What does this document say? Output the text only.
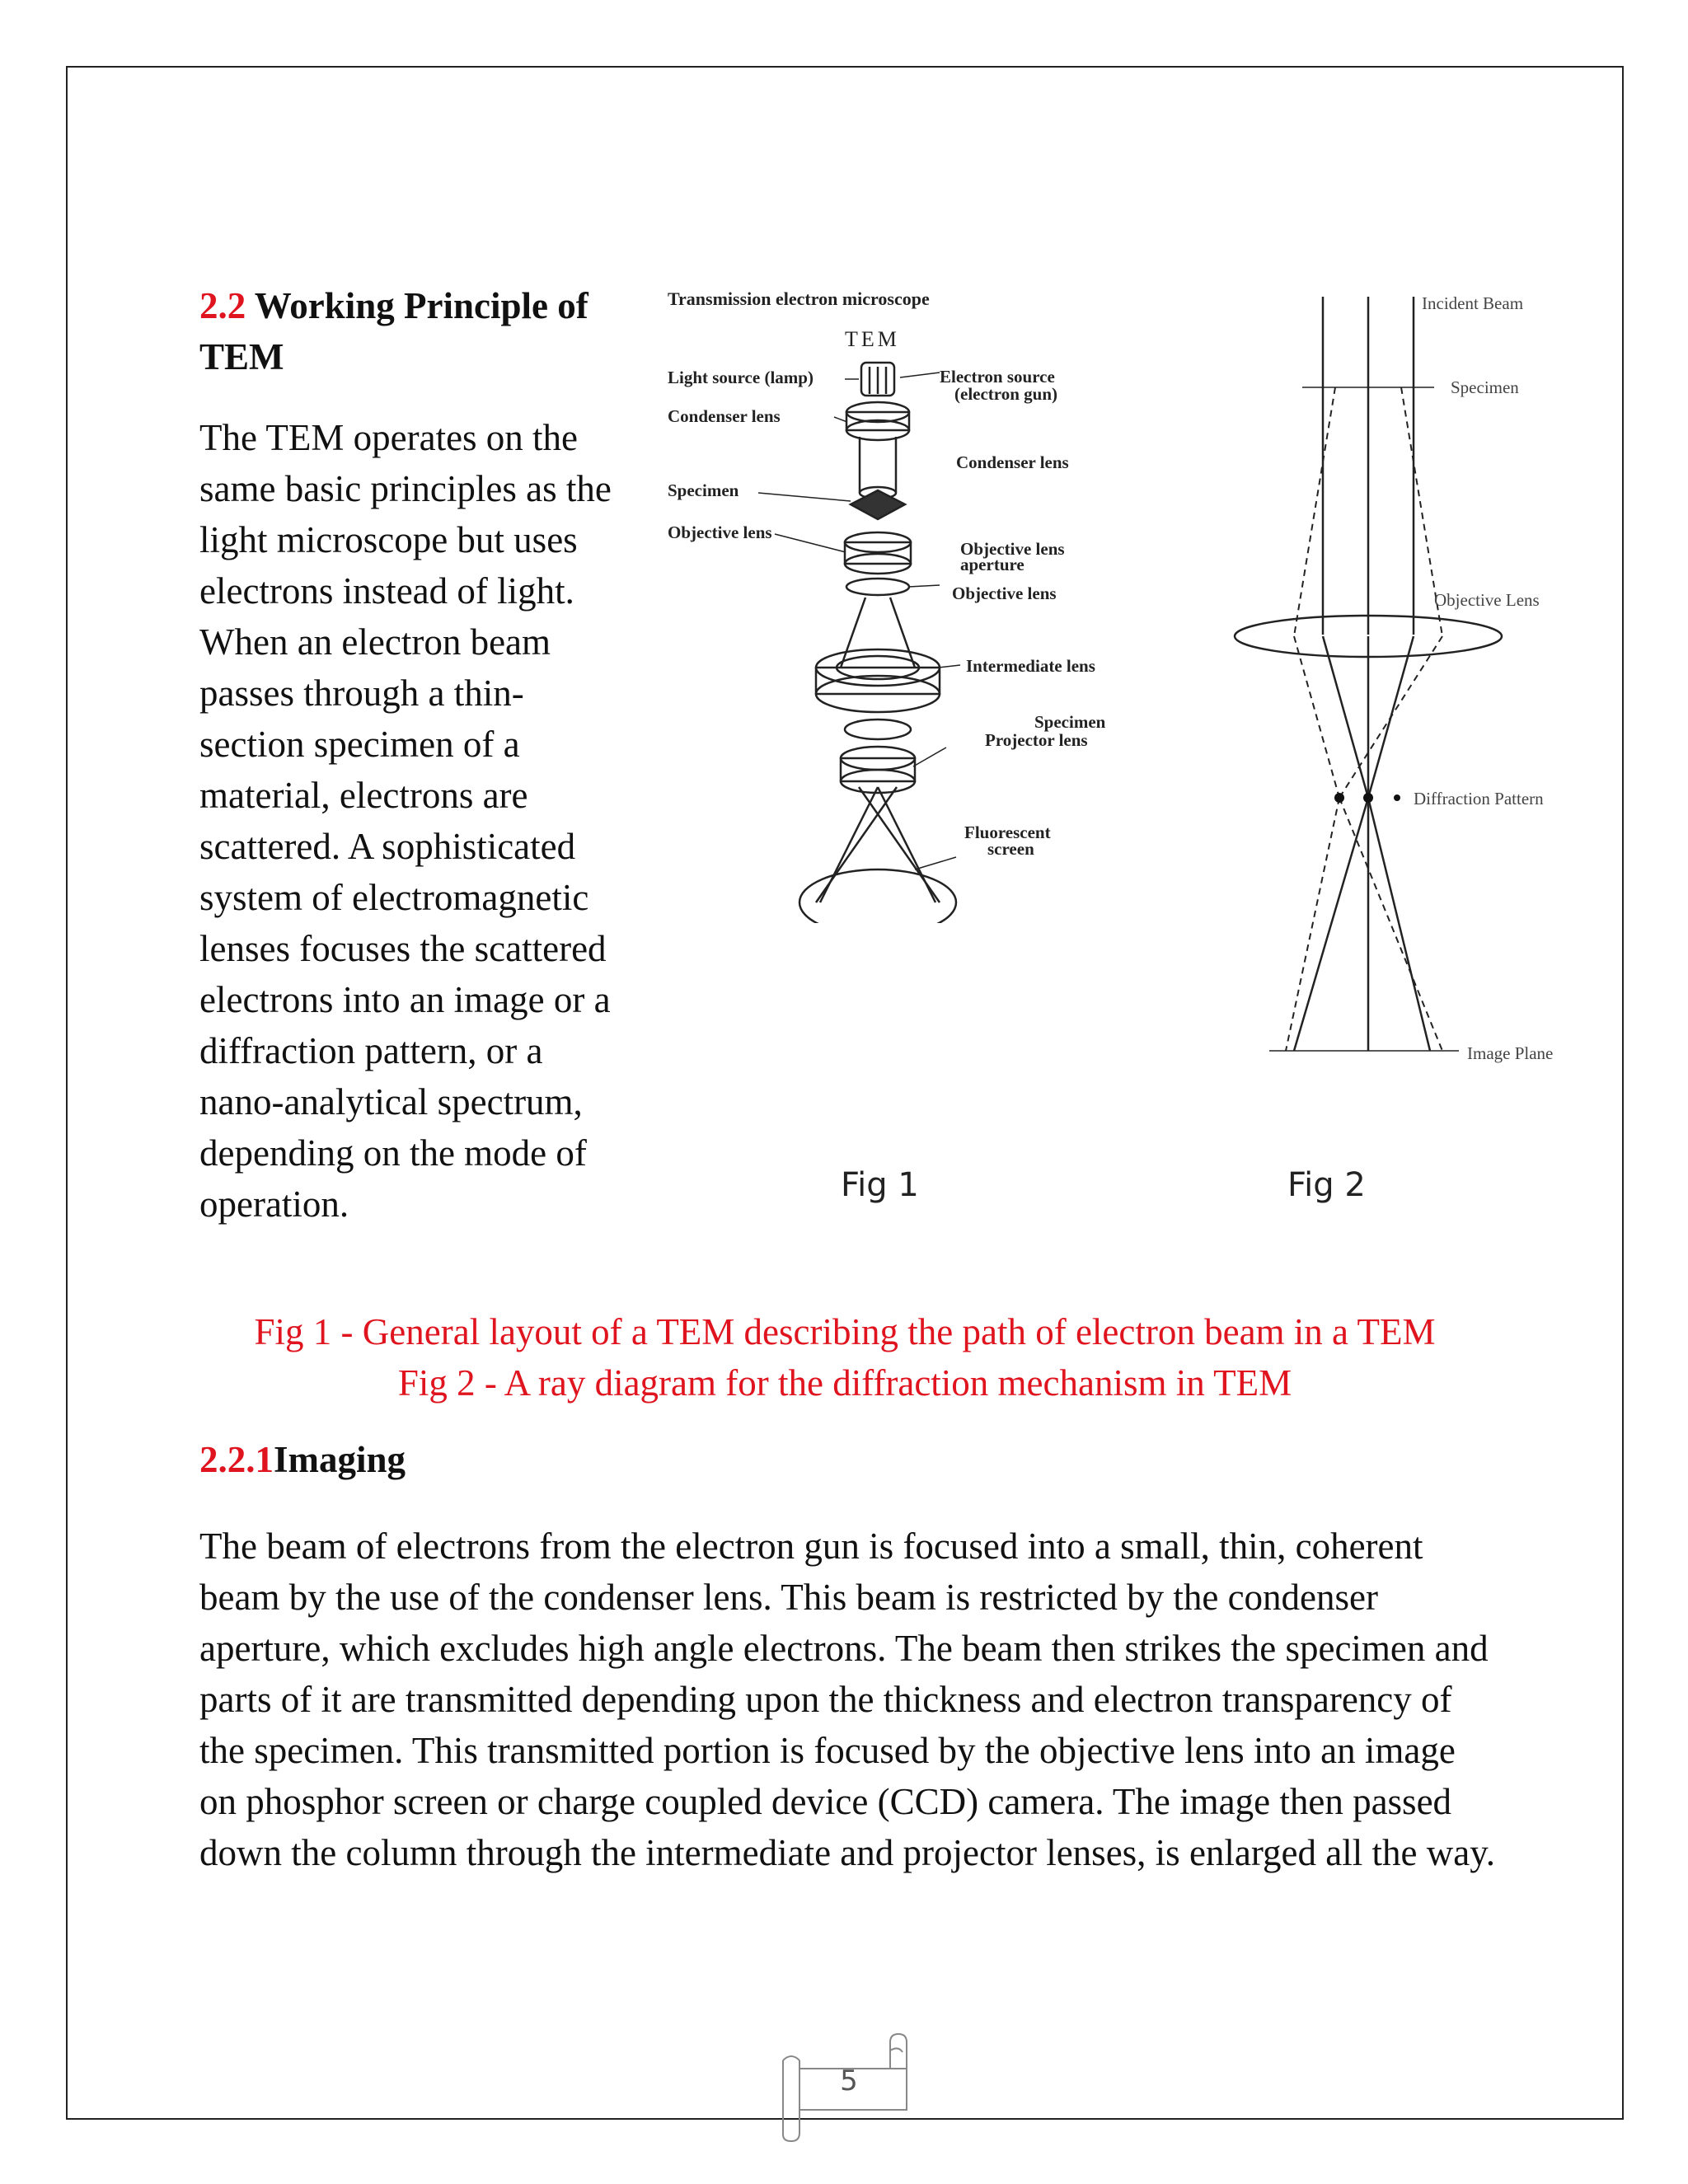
2.2 Working Principle of TEM
The TEM operates on the same basic principles as the light microscope but uses electrons instead of light. When an electron beam passes through a thin-section specimen of a material, electrons are scattered. A sophisticated system of electromagnetic lenses focuses the scattered electrons into an image or a diffraction pattern, or a nano-analytical spectrum, depending on the mode of operation.
Transmission electron microscope
TEM
Light source (lamp)	Electron source
(electron gun)
Condenser lens
Condenser lens
Specimen
Objective lens
Objective lens
aperture
Objective lens
Intermediate lens
Specimen
Projector lens
Fluorescent
screen
Incident Beam
Specimen
Objective Lens
Diffraction Pattern
Image Plane
Fig 1	Fig 2
Fig 1 - General layout of a TEM describing the path of electron beam in a TEM
Fig 2 - A ray diagram for the diffraction mechanism in TEM
2.2.1Imaging
The beam of electrons from the electron gun is focused into a small, thin, coherent beam by the use of the condenser lens. This beam is restricted by the condenser aperture, which excludes high angle electrons. The beam then strikes the specimen and parts of it are transmitted depending upon the thickness and electron transparency of the specimen. This transmitted portion is focused by the objective lens into an image on phosphor screen or charge coupled device (CCD) camera. The image then passed down the column through the intermediate and projector lenses, is enlarged all the way.
5
